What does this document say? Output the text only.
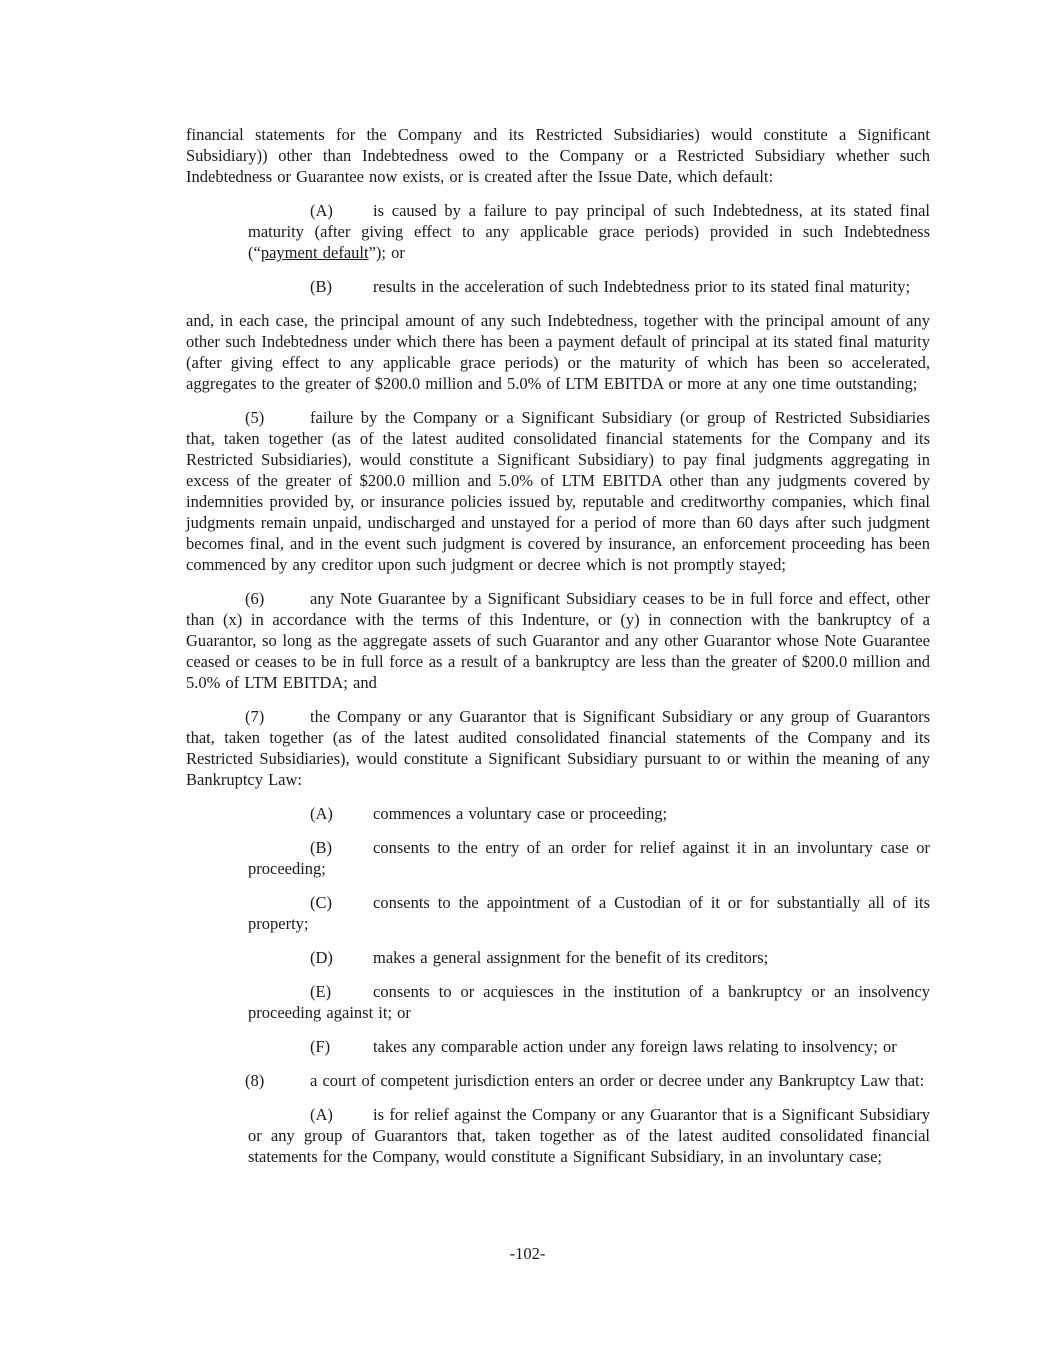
financial statements for the Company and its Restricted Subsidiaries) would constitute a Significant Subsidiary)) other than Indebtedness owed to the Company or a Restricted Subsidiary whether such Indebtedness or Guarantee now exists, or is created after the Issue Date, which default:
(A) is caused by a failure to pay principal of such Indebtedness, at its stated final maturity (after giving effect to any applicable grace periods) provided in such Indebtedness (“payment default”); or
(B) results in the acceleration of such Indebtedness prior to its stated final maturity;
and, in each case, the principal amount of any such Indebtedness, together with the principal amount of any other such Indebtedness under which there has been a payment default of principal at its stated final maturity (after giving effect to any applicable grace periods) or the maturity of which has been so accelerated, aggregates to the greater of $200.0 million and 5.0% of LTM EBITDA or more at any one time outstanding;
(5)	failure by the Company or a Significant Subsidiary (or group of Restricted Subsidiaries that, taken together (as of the latest audited consolidated financial statements for the Company and its Restricted Subsidiaries), would constitute a Significant Subsidiary) to pay final judgments aggregating in excess of the greater of $200.0 million and 5.0% of LTM EBITDA other than any judgments covered by indemnities provided by, or insurance policies issued by, reputable and creditworthy companies, which final judgments remain unpaid, undischarged and unstayed for a period of more than 60 days after such judgment becomes final, and in the event such judgment is covered by insurance, an enforcement proceeding has been commenced by any creditor upon such judgment or decree which is not promptly stayed;
(6)	any Note Guarantee by a Significant Subsidiary ceases to be in full force and effect, other than (x) in accordance with the terms of this Indenture, or (y) in connection with the bankruptcy of a Guarantor, so long as the aggregate assets of such Guarantor and any other Guarantor whose Note Guarantee ceased or ceases to be in full force as a result of a bankruptcy are less than the greater of $200.0 million and 5.0% of LTM EBITDA; and
(7)	the Company or any Guarantor that is Significant Subsidiary or any group of Guarantors that, taken together (as of the latest audited consolidated financial statements of the Company and its Restricted Subsidiaries), would constitute a Significant Subsidiary pursuant to or within the meaning of any Bankruptcy Law:
(A) commences a voluntary case or proceeding;
(B) consents to the entry of an order for relief against it in an involuntary case or proceeding;
(C) consents to the appointment of a Custodian of it or for substantially all of its property;
(D) makes a general assignment for the benefit of its creditors;
(E)	consents to or acquiesces in the institution of a bankruptcy or an insolvency proceeding against it; or
(F)	takes any comparable action under any foreign laws relating to insolvency; or
(8)	a court of competent jurisdiction enters an order or decree under any Bankruptcy Law that:
(A) is for relief against the Company or any Guarantor that is a Significant Subsidiary or any group of Guarantors that, taken together as of the latest audited consolidated financial statements for the Company, would constitute a Significant Subsidiary, in an involuntary case;
-102-
